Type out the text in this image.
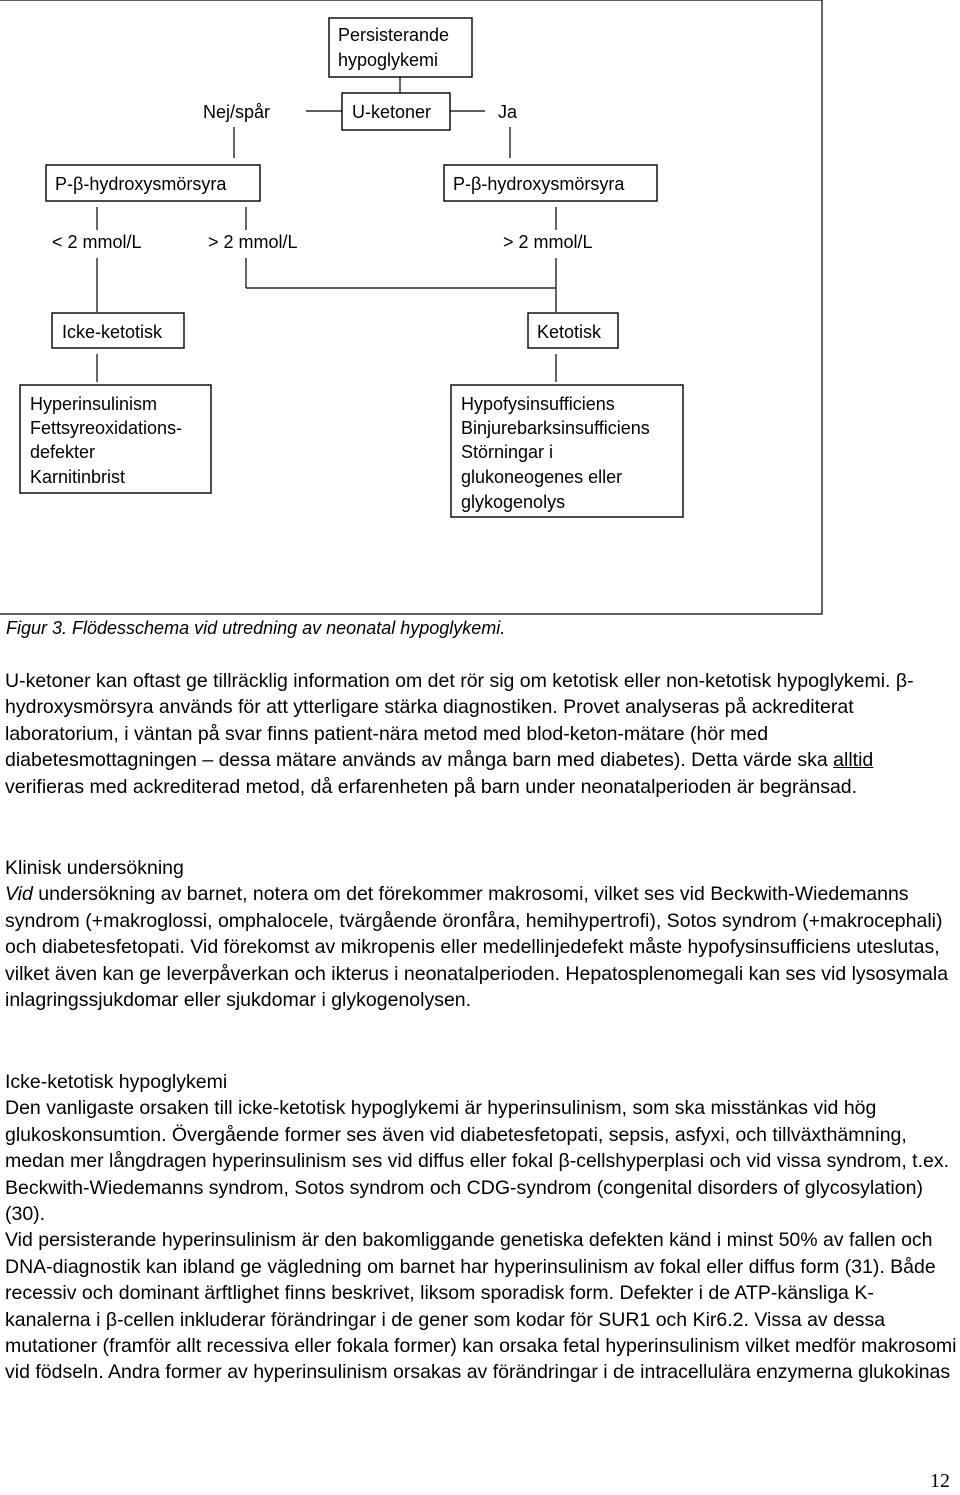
Persisterande
hypoglykemi
U-ketoner
Nej/spår	Ja
P-β-hydroxysmörsyra	P-β-hydroxysmörsyra
< 2 mmol/L	> 2 mmol/L	> 2 mmol/L
Icke-ketotisk	Ketotisk
Hyperinsulinism
Fettsyreoxidations-
defekter
Karnitinbrist
Hypofysinsufficiens
Binjurebarksinsufficiens
Störningar i
glukoneogenes eller
glykogenolys
Figur 3. Flödesschema vid utredning av neonatal hypoglykemi.

U-ketoner kan oftast ge tillräcklig information om det rör sig om ketotisk eller non-ketotisk hypoglykemi. β-hydroxysmörsyra används för att ytterligare stärka diagnostiken. Provet analyseras på ackrediterat laboratorium, i väntan på svar finns patient-nära metod med blod-keton-mätare (hör med diabetesmottagningen – dessa mätare används av många barn med diabetes). Detta värde ska alltid verifieras med ackrediterad metod, då erfarenheten på barn under neonatalperioden är begränsad.

Klinisk undersökning
Vid undersökning av barnet, notera om det förekommer makrosomi, vilket ses vid Beckwith-Wiedemanns syndrom (+makroglossi, omphalocele, tvärgående öronfåra, hemihypertrofi), Sotos syndrom (+makrocephali) och diabetesfetopati. Vid förekomst av mikropenis eller medellinjedefekt måste hypofysinsufficiens uteslutas, vilket även kan ge leverpåverkan och ikterus i neonatalperioden. Hepatosplenomegali kan ses vid lysosymala inlagringssjukdomar eller sjukdomar i glykogenolysen.
Icke-ketotisk hypoglykemi
Den vanligaste orsaken till icke-ketotisk hypoglykemi är hyperinsulinism, som ska misstänkas vid hög glukoskonsumtion. Övergående former ses även vid diabetesfetopati, sepsis, asfyxi, och tillväxthämning, medan mer långdragen hyperinsulinism ses vid diffus eller fokal β-cellshyperplasi och vid vissa syndrom, t.ex. Beckwith-Wiedemanns syndrom, Sotos syndrom och CDG-syndrom (congenital disorders of glycosylation) (30).
Vid persisterande hyperinsulinism är den bakomliggande genetiska defekten känd i minst 50% av fallen och DNA-diagnostik kan ibland ge vägledning om barnet har hyperinsulinism av fokal eller diffus form (31). Både recessiv och dominant ärftlighet finns beskrivet, liksom sporadisk form. Defekter i de ATP-känsliga K-kanalerna i β-cellen inkluderar förändringar i de gener som kodar för SUR1 och Kir6.2. Vissa av dessa mutationer (framför allt recessiva eller fokala former) kan orsaka fetal hyperinsulinism vilket medför makrosomi vid födseln. Andra former av hyperinsulinism orsakas av förändringar i de intracellulära enzymerna glukokinas
12
